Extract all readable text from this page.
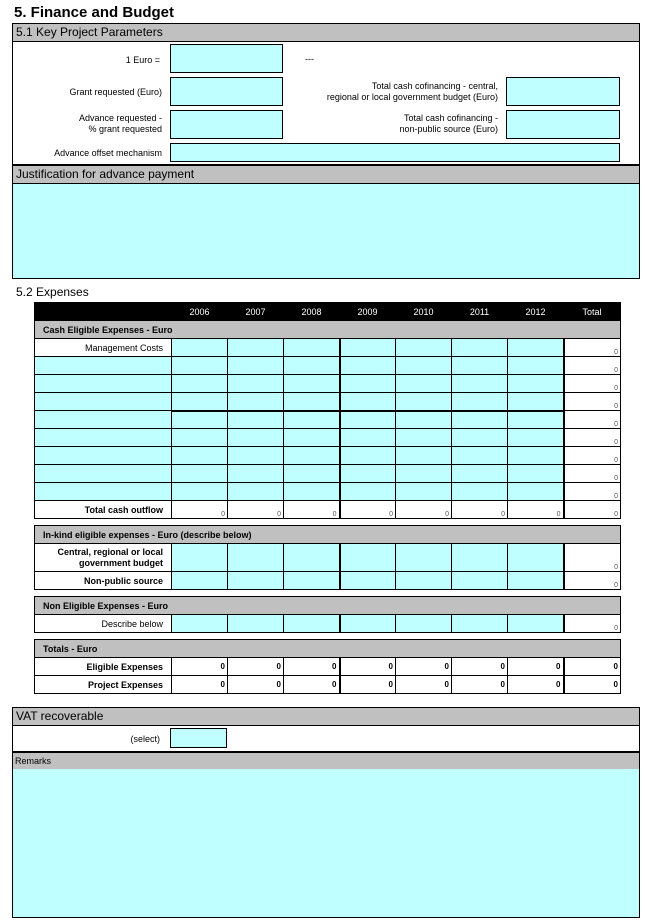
5. Finance and Budget
5.1 Key Project Parameters
1 Euro =	---
Grant requested (Euro)
Advance requested -
% grant requested
Advance offset mechanism
Total cash cofinancing - central,
regional or local government budget (Euro)
Total cash cofinancing -
non-public source (Euro)
Justification for advance payment
5.2 Expenses
	2006	2007	2008	2009	2010	2011	2012	Total
Cash Eligible Expenses - Euro								
Management Costs								0
								0
								0
								0
								0
								0
								0
								0
								0
Total cash outflow	0	0	0	0	0	0	0	0

In-kind eligible expenses - Euro (describe below)								

Central, regional or local
government budget								0
Non-public source								0

Non Eligible Expenses - Euro								
Describe below								0

Totals - Euro								
Eligible Expenses	0	0	0	0	0	0	0	0
Project Expenses	0	0	0	0	0	0	0	0
VAT recoverable
(select)
Remarks
